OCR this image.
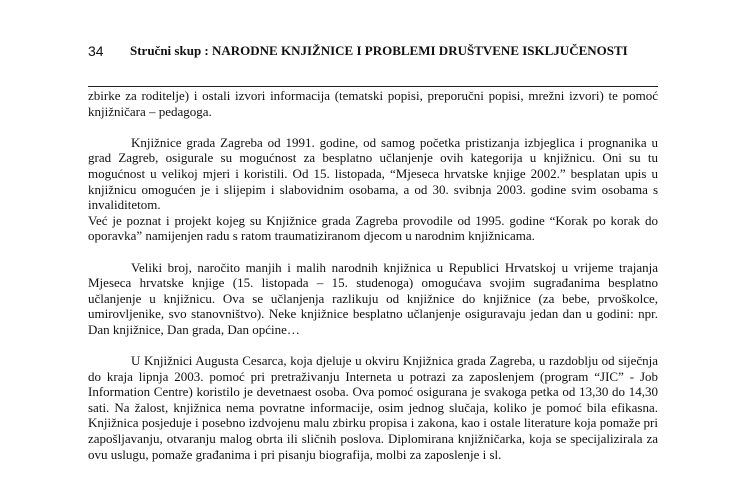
34 Stručni skup : NARODNE KNJIŽNICE I PROBLEMI DRUŠTVENE ISKLJUČENOSTI

zbirke za roditelje) i ostali izvori informacija (tematski popisi, preporučni popisi, mrežni izvori) te pomoć knjižničara – pedagoga.

Knjižnice grada Zagreba od 1991. godine, od samog početka pristizanja izbjeglica i prognanika u grad Zagreb, osigurale su mogućnost za besplatno učlanjenje ovih kategorija u knjižnicu. Oni su tu mogućnost u velikoj mjeri i koristili. Od 15. listopada, “Mjeseca hrvatske knjige 2002.” besplatan upis u knjižnicu omogućen je i slijepim i slabovidnim osobama, a od 30. svibnja 2003. godine svim osobama s invaliditetom.

Već je poznat i projekt kojeg su Knjižnice grada Zagreba provodile od 1995. godine “Korak po korak do oporavka” namijenjen radu s ratom traumatiziranom djecom u narodnim knjižnicama.

Veliki broj, naročito manjih i malih narodnih knjižnica u Republici Hrvatskoj u vrijeme trajanja Mjeseca hrvatske knjige (15. listopada – 15. studenoga) omogućava svojim sugrađanima besplatno učlanjenje u knjižnicu. Ova se učlanjenja razlikuju od knjižnice do knjižnice (za bebe, prvoškolce, umirovljenike, svo stanovništvo). Neke knjižnice besplatno učlanjenje osiguravaju jedan dan u godini: npr. Dan knjižnice, Dan grada, Dan općine…

U Knjižnici Augusta Cesarca, koja djeluje u okviru Knjižnica grada Zagreba, u razdoblju od siječnja do kraja lipnja 2003. pomoć pri pretraživanju Interneta u potrazi za zaposlenjem (program “JIC” - Job Information Centre) koristilo je devetnaest osoba. Ova pomoć osigurana je svakoga petka od 13,30 do 14,30 sati. Na žalost, knjižnica nema povratne informacije, osim jednog slučaja, koliko je pomoć bila efikasna. Knjižnica posjeduje i posebno izdvojenu malu zbirku propisa i zakona, kao i ostale literature koja pomaže pri zapošljavanju, otvaranju malog obrta ili sličnih poslova. Diplomirana knjižničarka, koja se specijalizirala za ovu uslugu, pomaže građanima i pri pisanju biografija, molbi za zaposlenje i sl.
